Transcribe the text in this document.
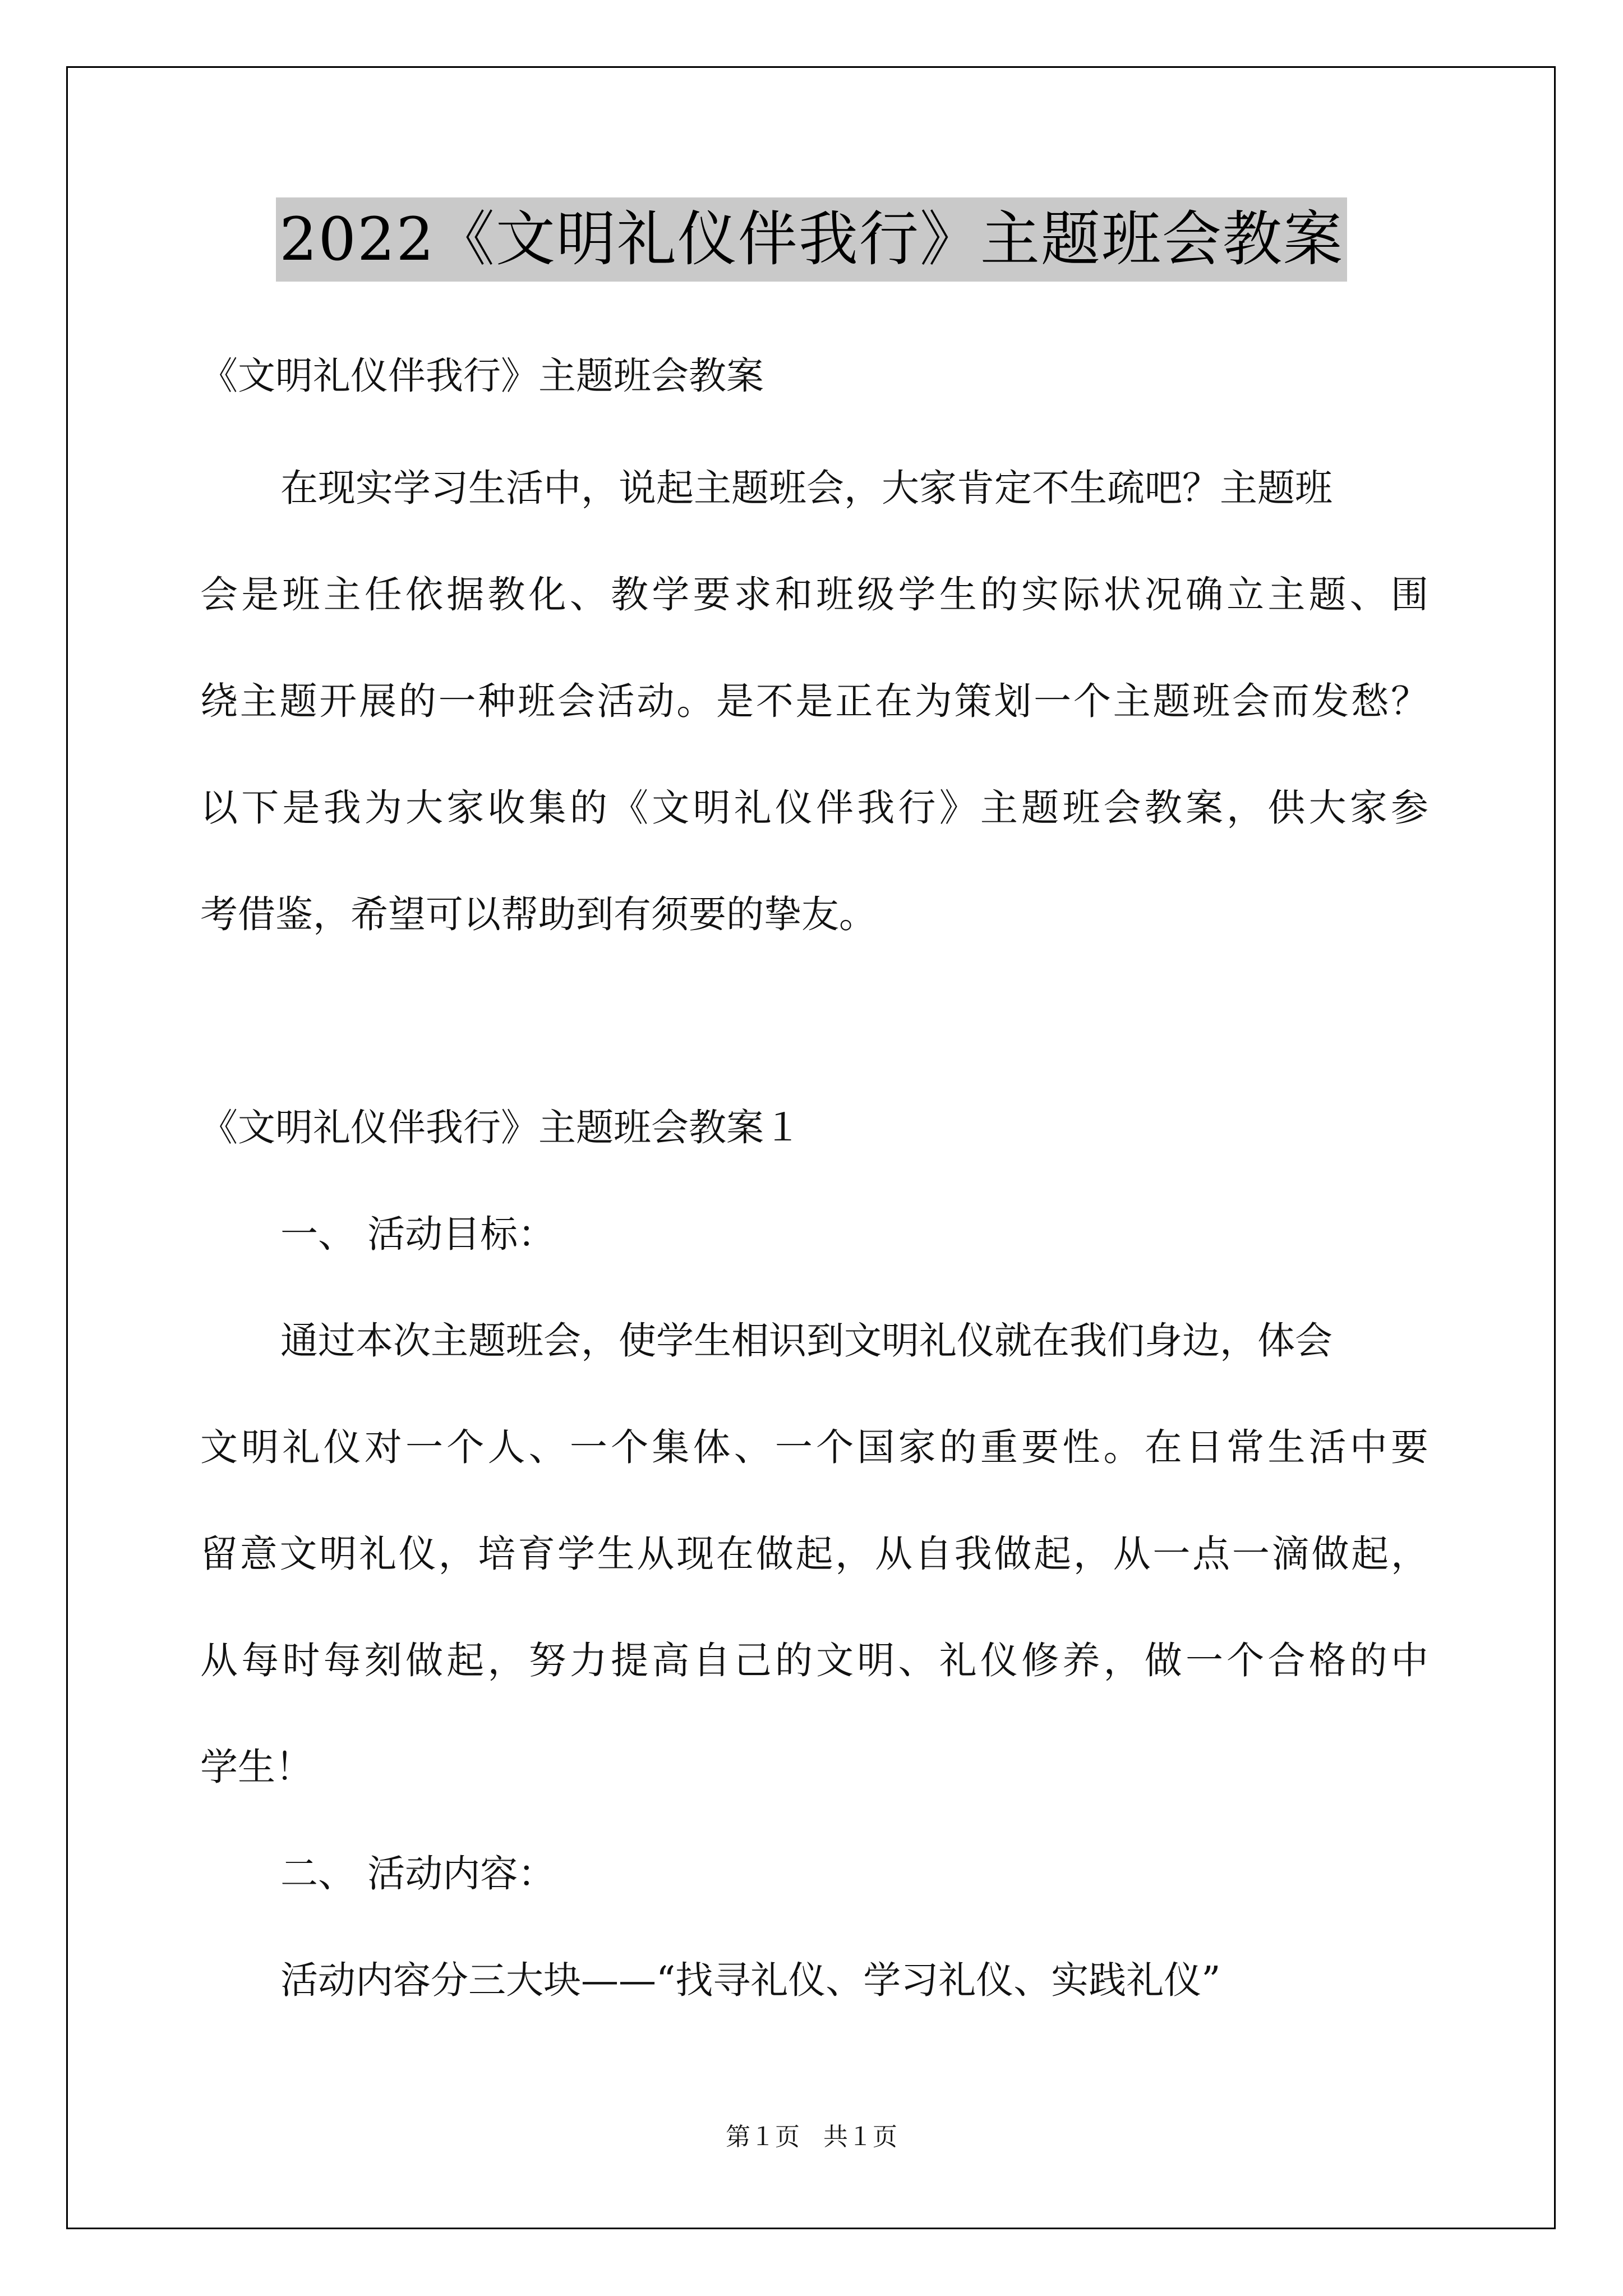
2022《文明礼仪伴我行》主题班会教案
《文明礼仪伴我行》主题班会教案
在现实学习生活中，说起主题班会，大家肯定不生疏吧？主题班
会是班主任依据教化、教学要求和班级学生的实际状况确立主题、围
绕主题开展的一种班会活动。是不是正在为策划一个主题班会而发愁？
以下是我为大家收集的《文明礼仪伴我行》主题班会教案，供大家参
考借鉴，希望可以帮助到有须要的挚友。
《文明礼仪伴我行》主题班会教案１
一、 活动目标：
通过本次主题班会，使学生相识到文明礼仪就在我们身边，体会
文明礼仪对一个人、一个集体、一个国家的重要性。在日常生活中要
留意文明礼仪，培育学生从现在做起，从自我做起，从一点一滴做起，
从每时每刻做起，努力提高自己的文明、礼仪修养，做一个合格的中
学生！
二、 活动内容：
活动内容分三大块——“找寻礼仪、学习礼仪、实践礼仪”
第１页 共１页
